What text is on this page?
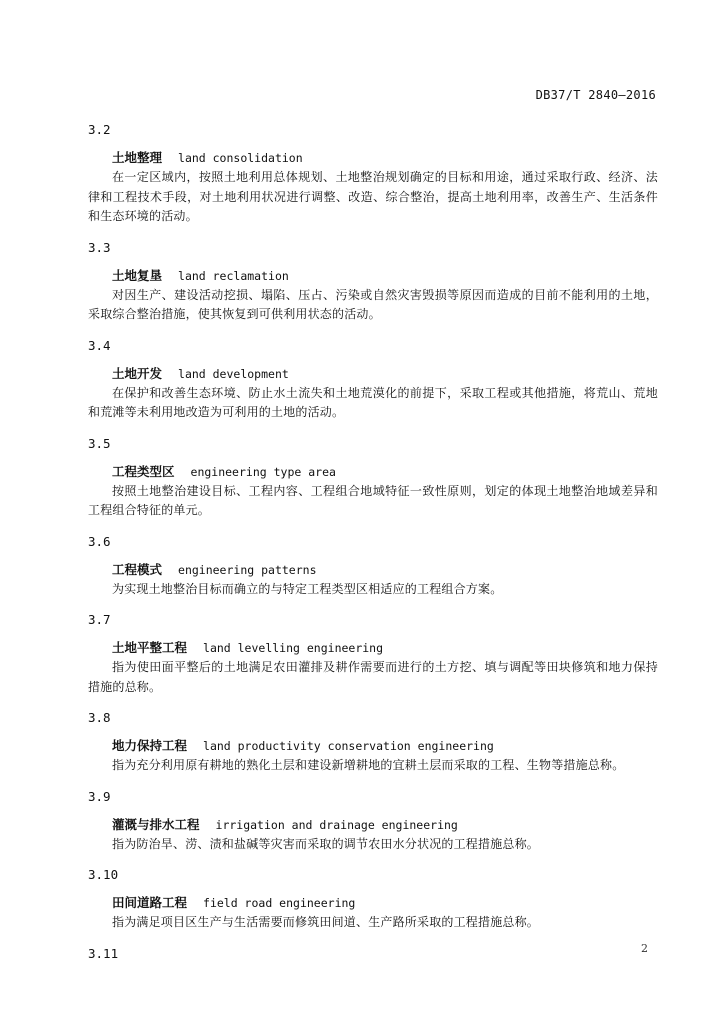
DB37/T 2840—2016
3.2
土地整理 land consolidation

在一定区域内，按照土地利用总体规划、土地整治规划确定的目标和用途，通过采取行政、经济、法律和工程技术手段，对土地利用状况进行调整、改造、综合整治，提高土地利用率，改善生产、生活条件和生态环境的活动。

3.3
土地复垦 land reclamation

对因生产、建设活动挖损、塌陷、压占、污染或自然灾害毁损等原因而造成的目前不能利用的土地，采取综合整治措施，使其恢复到可供利用状态的活动。

3.4
土地开发 land development

在保护和改善生态环境、防止水土流失和土地荒漠化的前提下，采取工程或其他措施，将荒山、荒地和荒滩等未利用地改造为可利用的土地的活动。

3.5
工程类型区 engineering type area

按照土地整治建设目标、工程内容、工程组合地域特征一致性原则，划定的体现土地整治地域差异和工程组合特征的单元。

3.6
工程模式 engineering patterns

为实现土地整治目标而确立的与特定工程类型区相适应的工程组合方案。

3.7
土地平整工程 land levelling engineering

指为使田面平整后的土地满足农田灌排及耕作需要而进行的土方挖、填与调配等田块修筑和地力保持措施的总称。

3.8
地力保持工程 land productivity conservation engineering

指为充分利用原有耕地的熟化土层和建设新增耕地的宜耕土层而采取的工程、生物等措施总称。

3.9
灌溉与排水工程 irrigation and drainage engineering

指为防治旱、涝、渍和盐碱等灾害而采取的调节农田水分状况的工程措施总称。

3.10
田间道路工程 field road engineering

指为满足项目区生产与生活需要而修筑田间道、生产路所采取的工程措施总称。

3.11	2
